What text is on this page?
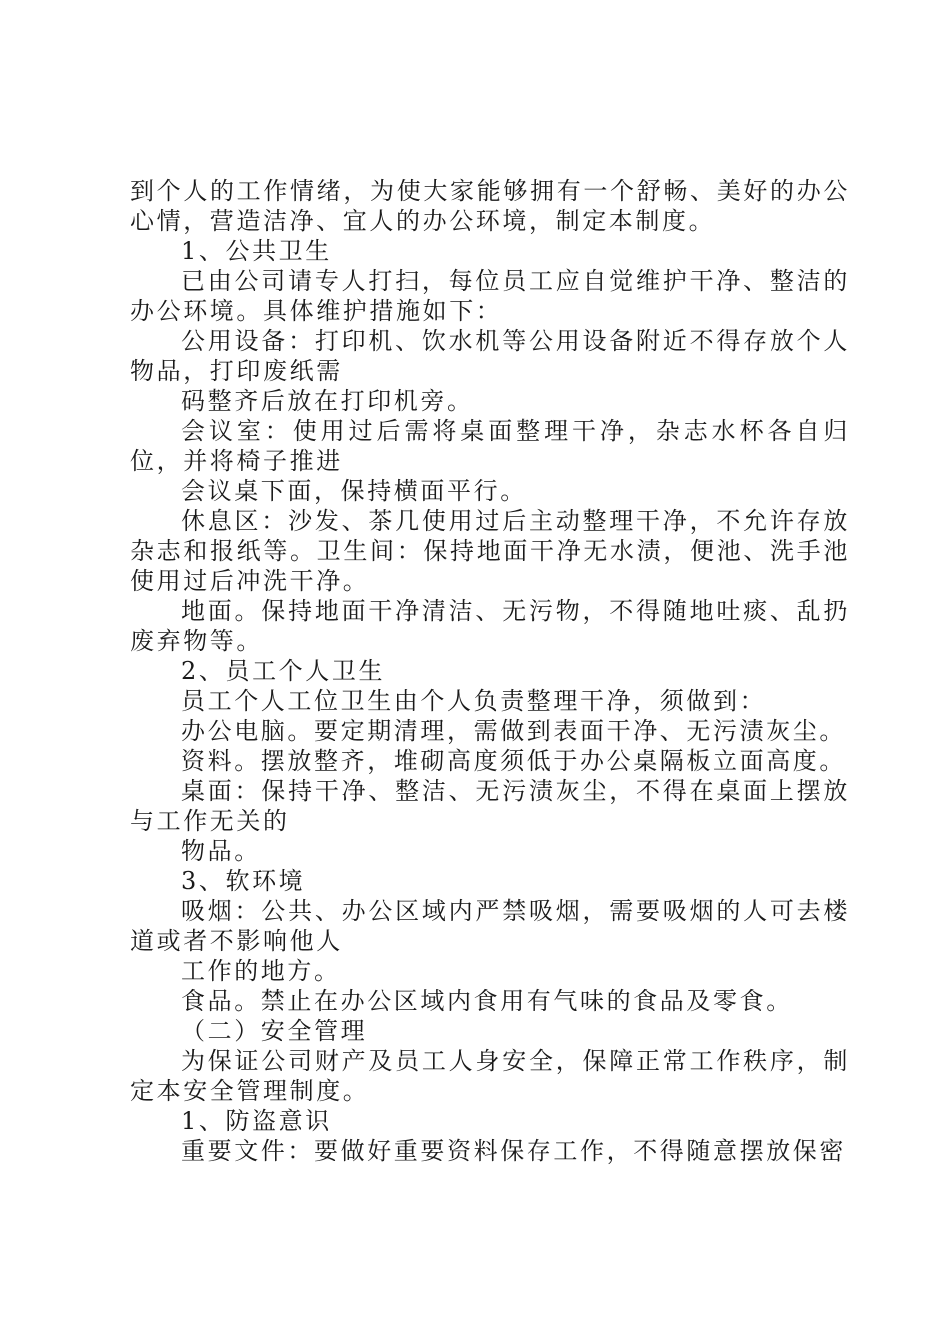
到个人的工作情绪，为使大家能够拥有一个舒畅、美好的办公心情，营造洁净、宜人的办公环境，制定本制度。

1、公共卫生

已由公司请专人打扫，每位员工应自觉维护干净、整洁的办公环境。具体维护措施如下：

公用设备：打印机、饮水机等公用设备附近不得存放个人物品，打印废纸需

码整齐后放在打印机旁。

会议室：使用过后需将桌面整理干净，杂志水杯各自归位，并将椅子推进

会议桌下面，保持横面平行。

休息区：沙发、茶几使用过后主动整理干净，不允许存放杂志和报纸等。卫生间：保持地面干净无水渍，便池、洗手池使用过后冲洗干净。

地面。保持地面干净清洁、无污物，不得随地吐痰、乱扔废弃物等。

2、员工个人卫生

员工个人工位卫生由个人负责整理干净，须做到：

办公电脑。要定期清理，需做到表面干净、无污渍灰尘。

资料。摆放整齐，堆砌高度须低于办公桌隔板立面高度。

桌面：保持干净、整洁、无污渍灰尘，不得在桌面上摆放与工作无关的

物品。

3、软环境

吸烟：公共、办公区域内严禁吸烟，需要吸烟的人可去楼道或者不影响他人

工作的地方。

食品。禁止在办公区域内食用有气味的食品及零食。

（二）安全管理

为保证公司财产及员工人身安全，保障正常工作秩序，制定本安全管理制度。

1、防盗意识

重要文件：要做好重要资料保存工作，不得随意摆放保密
